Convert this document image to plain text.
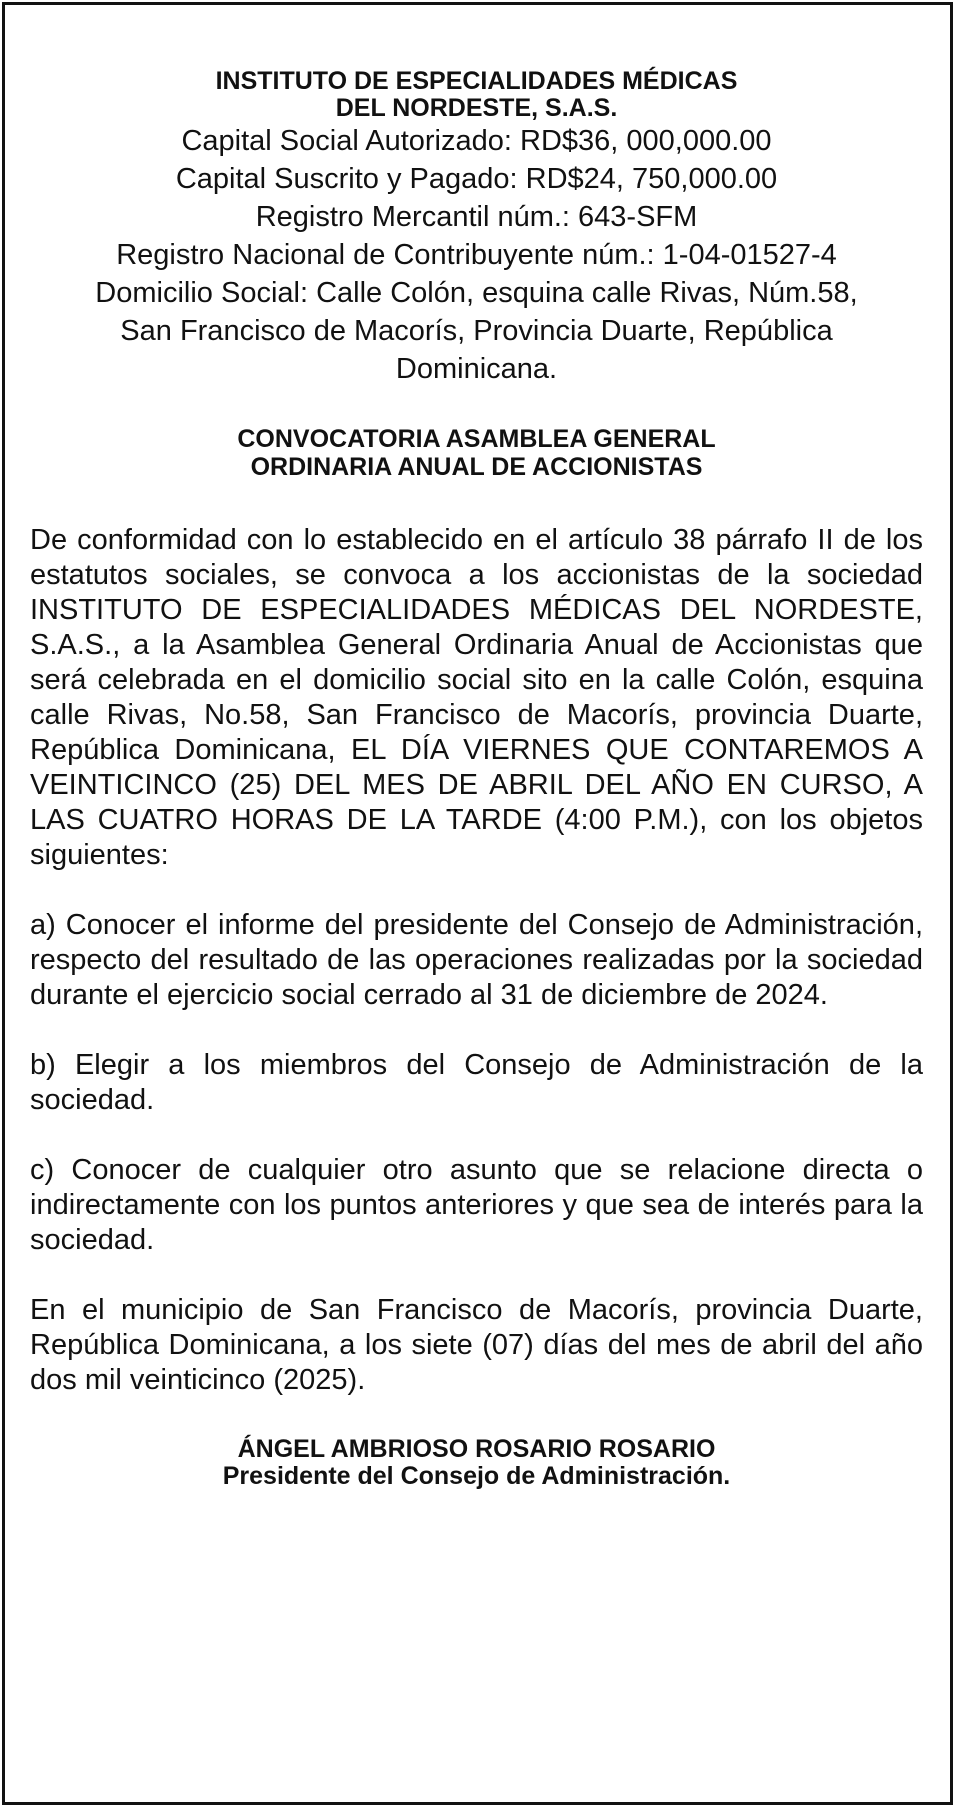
INSTITUTO DE ESPECIALIDADES MÉDICAS

DEL NORDESTE, S.A.S.

Capital Social Autorizado: RD$36, 000,000.00

Capital Suscrito y Pagado: RD$24, 750,000.00

Registro Mercantil núm.: 643-SFM

Registro Nacional de Contribuyente núm.: 1-04-01527-4

Domicilio Social: Calle Colón, esquina calle Rivas, Núm.58,

San Francisco de Macorís, Provincia Duarte, República

Dominicana.

CONVOCATORIA ASAMBLEA GENERAL
ORDINARIA ANUAL DE ACCIONISTAS

De conformidad con lo establecido en el artículo 38 párrafo II de los estatutos sociales, se convoca a los accionistas de la sociedad INSTITUTO DE ESPECIALIDADES MÉDICAS DEL NORDESTE, S.A.S., a la Asamblea General Ordinaria Anual de Accionistas que será celebrada en el domicilio social sito en la calle Colón, esquina calle Rivas, No.58, San Francisco de Macorís, provincia Duarte, República Dominicana, EL DÍA VIERNES QUE CONTAREMOS A VEINTICINCO (25) DEL MES DE ABRIL DEL AÑO EN CURSO, A LAS CUATRO HORAS DE LA TARDE (4:00 P.M.), con los objetos siguientes:

a) Conocer el informe del presidente del Consejo de Administración, respecto del resultado de las operaciones realizadas por la sociedad durante el ejercicio social cerrado al 31 de diciembre de 2024.

b) Elegir a los miembros del Consejo de Administración de la sociedad.

c) Conocer de cualquier otro asunto que se relacione directa o indirectamente con los puntos anteriores y que sea de interés para la sociedad.

En el municipio de San Francisco de Macorís, provincia Duarte, República Dominicana, a los siete (07) días del mes de abril del año dos mil veinticinco (2025).

ÁNGEL AMBRIOSO ROSARIO ROSARIO
Presidente del Consejo de Administración.
